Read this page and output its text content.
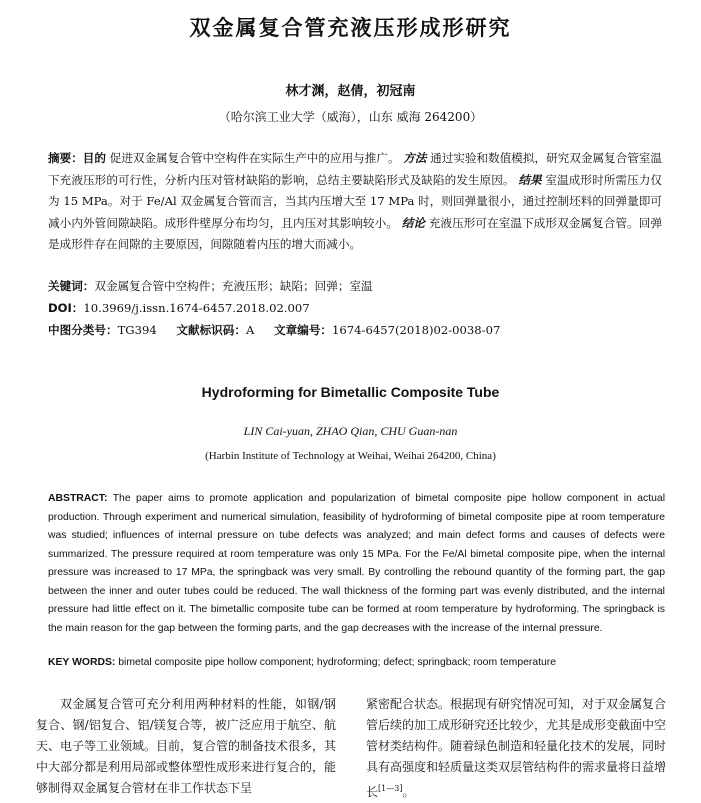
双金属复合管充液压形成形研究
林才渊，赵倩，初冠南
（哈尔滨工业大学（威海），山东 威海 264200）
摘要：目的 促进双金属复合管中空构件在实际生产中的应用与推广。 方法 通过实验和数值模拟，研究双金属复合管室温下充液压形的可行性，分析内压对管材缺陷的影响，总结主要缺陷形式及缺陷的发生原因。 结果 室温成形时所需压力仅为 15 MPa。对于 Fe/Al 双金属复合管而言，当其内压增大至 17 MPa 时，则回弹量很小，通过控制坯料的回弹量即可减小内外管间隙缺陷。成形件壁厚分布均匀，且内压对其影响较小。 结论 充液压形可在室温下成形双金属复合管。回弹是成形件存在间隙的主要原因，间隙随着内压的增大而减小。
关键词：双金属复合管中空构件；充液压形；缺陷；回弹；室温
DOI：10.3969/j.issn.1674-6457.2018.02.007
中图分类号：TG394 文献标识码：A 文章编号：1674-6457(2018)02-0038-07
Hydroforming for Bimetallic Composite Tube
LIN Cai-yuan, ZHAO Qian, CHU Guan-nan
(Harbin Institute of Technology at Weihai, Weihai 264200, China)
ABSTRACT: The paper aims to promote application and popularization of bimetal composite pipe hollow component in actual production. Through experiment and numerical simulation, feasibility of hydroforming of bimetal composite pipe at room temperature was studied; influences of internal pressure on tube defects was analyzed; and main defect forms and causes of defects were summarized. The pressure required at room temperature was only 15 MPa. For the Fe/Al bimetal composite pipe, when the internal pressure was increased to 17 MPa, the springback was very small. By controlling the rebound quantity of the forming part, the gap between the inner and outer tubes could be reduced. The wall thickness of the forming part was evenly distributed, and the internal pressure had little effect on it. The bimetallic composite tube can be formed at room temperature by hydroforming. The springback is the main reason for the gap between the forming parts, and the gap decreases with the increase of the internal pressure.
KEY WORDS: bimetal composite pipe hollow component; hydroforming; defect; springback; room temperature
双金属复合管可充分利用两种材料的性能，如钢/钢复合、钢/铝复合、铝/镁复合等，被广泛应用于航空、航天、电子等工业领域。目前，复合管的制备技术很多，其中大部分都是利用局部或整体塑性成形来进行复合的，能够制得双金属复合管材在非工作状态下呈
紧密配合状态。根据现有研究情况可知，对于双金属复合管后续的加工成形研究还比较少，尤其是成形变截面中空管材类结构件。随着绿色制造和轻量化技术的发展，同时具有高强度和轻质量这类双层管结构件的需求量将日益增长[1—3]。
